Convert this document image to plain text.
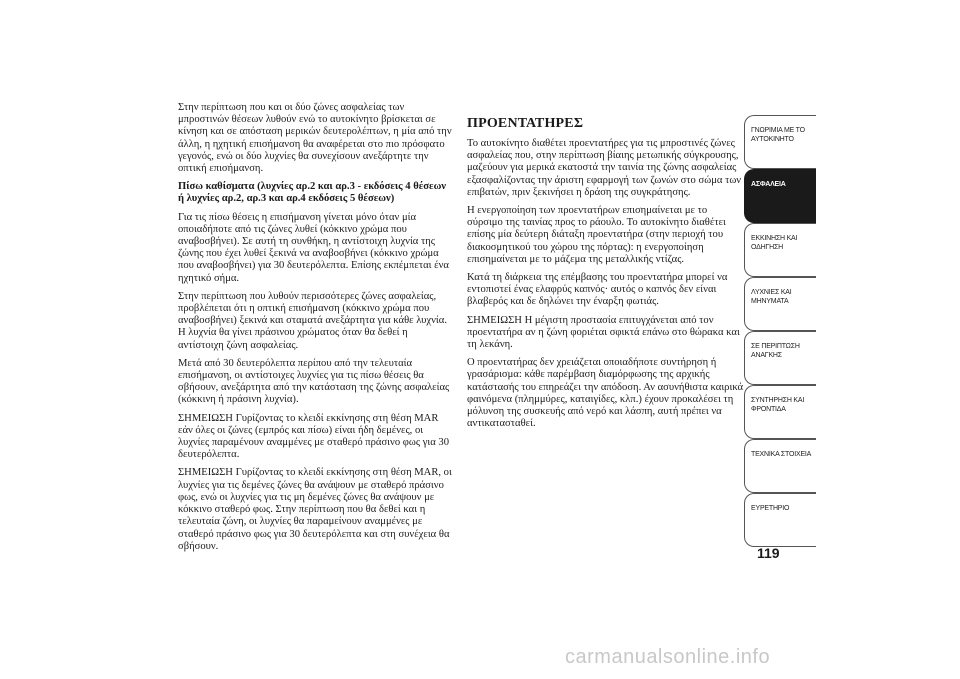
Στην περίπτωση που και οι δύο ζώνες ασφαλείας των μπροστινών θέσεων λυθούν ενώ το αυτοκίνητο βρίσκεται σε κίνηση και σε απόσταση μερικών δευτερολέπτων, η μία από την άλλη, η ηχητική επισήμανση θα αναφέρεται στο πιο πρόσφατο γεγονός, ενώ οι δύο λυχνίες θα συνεχίσουν ανεξάρτητε την οπτική επισήμανση.

Πίσω καθίσματα (λυχνίες αρ.2 και αρ.3 - εκδόσεις 4 θέσεων ή λυχνίες αρ.2, αρ.3 και αρ.4 εκδόσεις 5 θέσεων)

Για τις πίσω θέσεις η επισήμανση γίνεται μόνο όταν μία οποιαδήποτε από τις ζώνες λυθεί (κόκκινο χρώμα που αναβοσβήνει). Σε αυτή τη συνθήκη, η αντίστοιχη λυχνία της ζώνης που έχει λυθεί ξεκινά να αναβοσβήνει (κόκκινο χρώμα που αναβοσβήνει) για 30 δευτερόλεπτα. Επίσης εκπέμπεται ένα ηχητικό σήμα.

Στην περίπτωση που λυθούν περισσότερες ζώνες ασφαλείας, προβλέπεται ότι η οπτική επισήμανση (κόκκινο χρώμα που αναβοσβήνει) ξεκινά και σταματά ανεξάρτητα για κάθε λυχνία. Η λυχνία θα γίνει πράσινου χρώματος όταν θα δεθεί η αντίστοιχη ζώνη ασφαλείας.

Μετά από 30 δευτερόλεπτα περίπου από την τελευταία επισήμανση, οι αντίστοιχες λυχνίες για τις πίσω θέσεις θα σβήσουν, ανεξάρτητα από την κατάσταση της ζώνης ασφαλείας (κόκκινη ή πράσινη λυχνία).

ΣΗΜΕΙΩΣΗ Γυρίζοντας το κλειδί εκκίνησης στη θέση MAR εάν όλες οι ζώνες (εμπρός και πίσω) είναι ήδη δεμένες, οι λυχνίες παραμένουν αναμμένες με σταθερό πράσινο φως για 30 δευτερόλεπτα.

ΣΗΜΕΙΩΣΗ Γυρίζοντας το κλειδί εκκίνησης στη θέση MAR, οι λυχνίες για τις δεμένες ζώνες θα ανάψουν με σταθερό πράσινο φως, ενώ οι λυχνίες για τις μη δεμένες ζώνες θα ανάψουν με κόκκινο σταθερό φως. Στην περίπτωση που θα δεθεί και η τελευταία ζώνη, οι λυχνίες θα παραμείνουν αναμμένες με σταθερό πράσινο φως για 30 δευτερόλεπτα και στη συνέχεια θα σβήσουν.

ΠΡΟΕΝΤΑΤΗΡΕΣ

Το αυτοκίνητο διαθέτει προεντατήρες για τις μπροστινές ζώνες ασφαλείας που, στην περίπτωση βίαιης μετωπικής σύγκρουσης, μαζεύουν για μερικά εκατοστά την ταινία της ζώνης ασφαλείας εξασφαλίζοντας την άριστη εφαρμογή των ζωνών στο σώμα των επιβατών, πριν ξεκινήσει η δράση της συγκράτησης.

Η ενεργοποίηση των προεντατήρων επισημαίνεται με το σύρσιμο της ταινίας προς το ράουλο. Το αυτοκίνητο διαθέτει επίσης μία δεύτερη διάταξη προεντατήρα (στην περιοχή του διακοσμητικού του χώρου της πόρτας): η ενεργοποίηση επισημαίνεται με το μάζεμα της μεταλλικής ντίζας.

Κατά τη διάρκεια της επέμβασης του προεντατήρα μπορεί να εντοπιστεί ένας ελαφρύς καπνός· αυτός ο καπνός δεν είναι βλαβερός και δε δηλώνει την έναρξη φωτιάς.

ΣΗΜΕΙΩΣΗ Η μέγιστη προστασία επιτυγχάνεται από τον προεντατήρα αν η ζώνη φοριέται σφικτά επάνω στο θώρακα και τη λεκάνη.

Ο προεντατήρας δεν χρειάζεται οποιαδήποτε συντήρηση ή γρασάρισμα: κάθε παρέμβαση διαμόρφωσης της αρχικής κατάστασής του επηρεάζει την απόδοση. Αν ασυνήθιστα καιρικά φαινόμενα (πλημμύρες, καταιγίδες, κλπ.) έχουν προκαλέσει τη μόλυνση της συσκευής από νερό και λάσπη, αυτή πρέπει να αντικατασταθεί.

ΓΝΩΡΙΜΙΑ ΜΕ ΤΟ ΑΥΤΟΚΙΝΗΤΟ
ΑΣΦΑΛΕΙΑ
ΕΚΚΙΝΗΣΗ ΚΑΙ ΟΔΗΓΗΣΗ
ΛΥΧΝΙΕΣ ΚΑΙ ΜΗΝΥΜΑΤΑ
ΣΕ ΠΕΡΙΠΤΩΣΗ ΑΝΑΓΚΗΣ
ΣΥΝΤΗΡΗΣΗ ΚΑΙ ΦΡΟΝΤΙΔΑ
ΤΕΧΝΙΚΑ ΣΤΟΙΧΕΙΑ
ΕΥΡΕΤΗΡΙΟ
119
carmanualsonline.info
